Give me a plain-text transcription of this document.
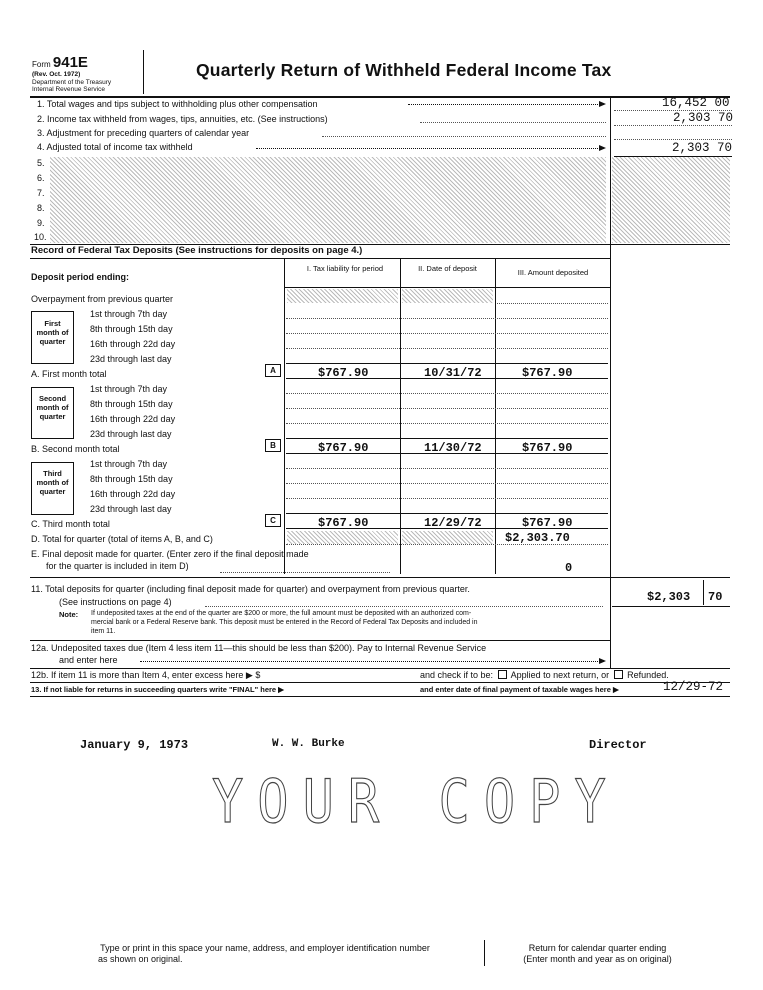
Form 941E
(Rev. Oct. 1972)
Department of the Treasury
Internal Revenue Service
Quarterly Return of Withheld Federal Income Tax
1. Total wages and tips subject to withholding plus other compensation	16,452 00
2. Income tax withheld from wages, tips, annuities, etc. (See instructions)	2,303 70
3. Adjustment for preceding quarters of calendar year
4. Adjusted total of income tax withheld	2,303 70
5.
6.
7.
8.
9.
10.
Record of Federal Tax Deposits (See instructions for deposits on page 4.)
I. Tax liability for period	II. Date of deposit	III. Amount deposited
Deposit period ending:
Overpayment from previous quarter
First month of quarter
1st through 7th day
8th through 15th day
16th through 22d day
23d through last day
A. First month total	A	$767.90	10/31/72	$767.90
Second month of quarter
1st through 7th day
8th through 15th day
16th through 22d day
23d through last day
B. Second month total	B	$767.90	11/30/72	$767.90
Third month of quarter
1st through 7th day
8th through 15th day
16th through 22d day
23d through last day
C. Third month total	C	$767.90	12/29/72	$767.90
D. Total for quarter (total of items A, B, and C)	$2,303.70
E. Final deposit made for quarter. (Enter zero if the final deposit made
for the quarter is included in item D)	0
11. Total deposits for quarter (including final deposit made for quarter) and overpayment from previous quarter.
(See instructions on page 4)
Note: If undeposited taxes at the end of the quarter are $200 or more, the full amount must be deposited with an authorized com-
mercial bank or a Federal Reserve bank. This deposit must be entered in the Record of Federal Tax Deposits and included in
item 11.
$2,303 70
12a. Undeposited taxes due (Item 4 less item 11—this should be less than $200). Pay to Internal Revenue Service
and enter here
12b. If item 11 is more than Item 4, enter excess here ▶ $	and check if to be: Applied to next return, or Refunded.
13. If not liable for returns in succeeding quarters write "FINAL" here ▶	and enter date of final payment of taxable wages here ▶	12/29-72
January 9, 1973	W. W. Burke	Director
YOUR COPY
Type or print in this space your name, address, and employer identification number
as shown on original.
Return for calendar quarter ending
(Enter month and year as on original)
